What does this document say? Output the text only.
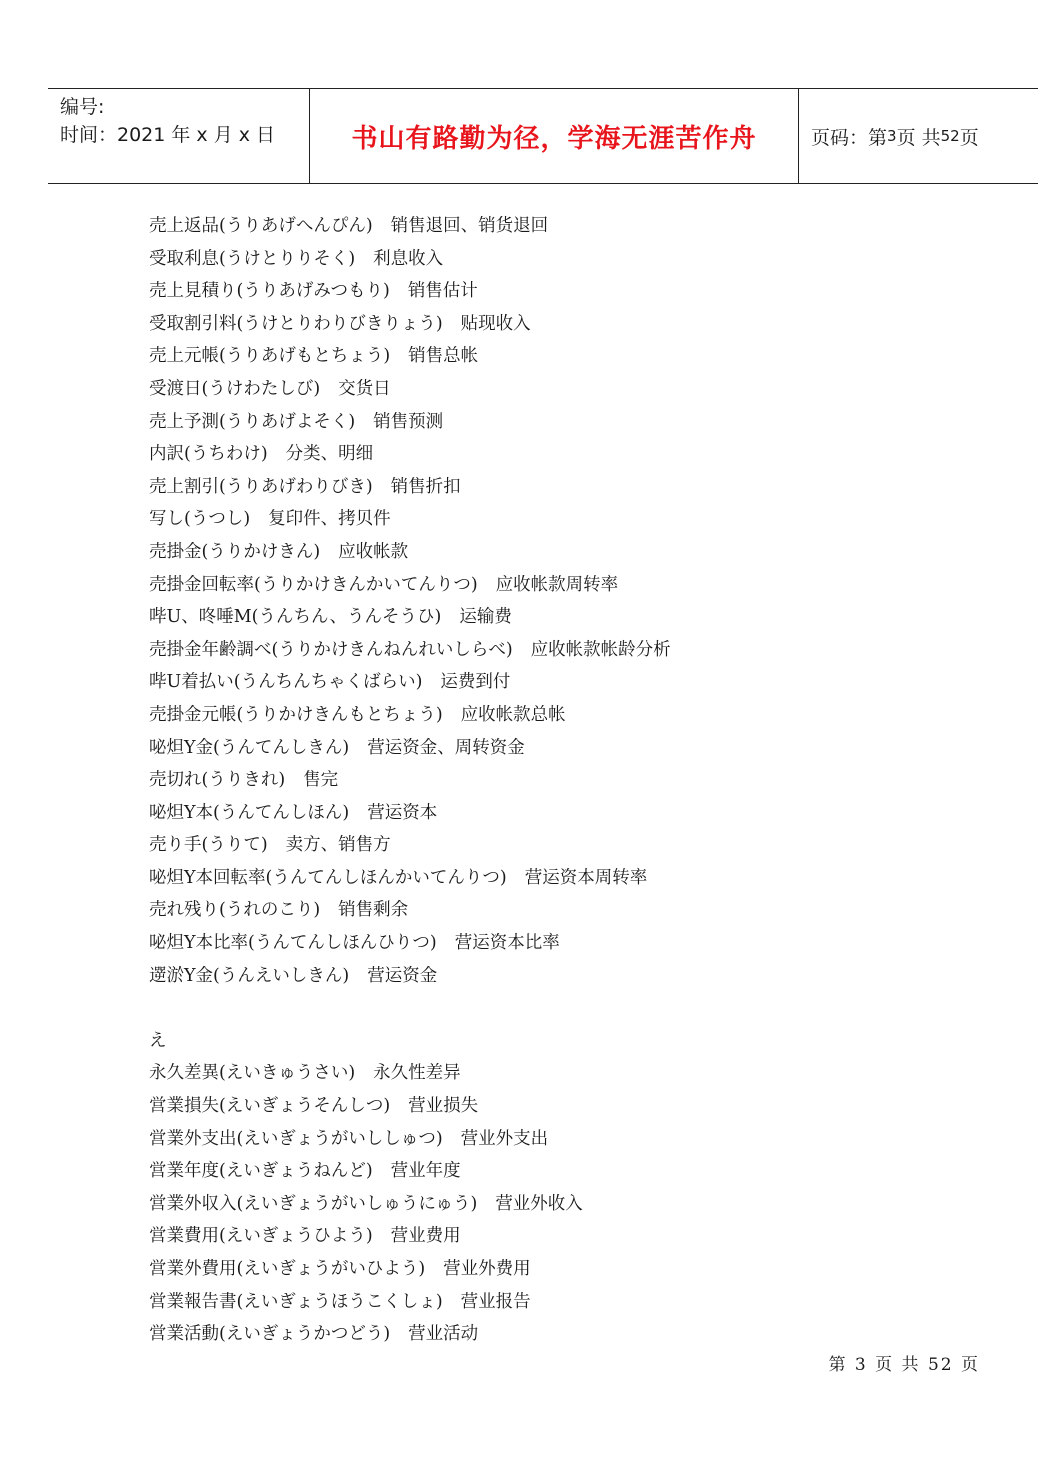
编号:
时间：2021 年 x 月 x 日	书山有路勤为径，学海无涯苦作舟	页码：第 3 页 共 52 页
売上返品(うりあげへんぴん) 销售退回、销货退回
受取利息(うけとりりそく) 利息收入
売上見積り(うりあげみつもり) 销售估计
受取割引料(うけとりわりびきりょう) 贴现收入
売上元帳(うりあげもとちょう) 销售总帐
受渡日(うけわたしび) 交货日
売上予測(うりあげよそく) 销售预测
内訳(うちわけ) 分类、明细
売上割引(うりあげわりびき) 销售折扣
写し(うつし) 复印件、拷贝件
売掛金(うりかけきん) 应收帐款
売掛金回転率(うりかけきんかいてんりつ) 应收帐款周转率
哔U、咚唾M(うんちん、うんそうひ) 运输费
売掛金年齢調べ(うりかけきんねんれいしらべ) 应收帐款帐龄分析
哔U着払い(うんちんちゃくばらい) 运费到付
売掛金元帳(うりかけきんもとちょう) 应收帐款总帐
咇炟Y金(うんてんしきん) 营运资金、周转资金
売切れ(うりきれ) 售完
咇炟Y本(うんてんしほん) 营运资本
売り手(うりて) 卖方、销售方
咇炟Y本回転率(うんてんしほんかいてんりつ) 营运资本周转率
売れ残り(うれのこり) 销售剩余
咇炟Y本比率(うんてんしほんひりつ) 营运资本比率
遻淤Y金(うんえいしきん) 营运资金
え
永久差異(えいきゅうさい) 永久性差异
営業損失(えいぎょうそんしつ) 营业损失
営業外支出(えいぎょうがいししゅつ) 营业外支出
営業年度(えいぎょうねんど) 营业年度
営業外収入(えいぎょうがいしゅうにゅう) 营业外收入
営業費用(えいぎょうひよう) 营业费用
営業外費用(えいぎょうがいひよう) 营业外费用
営業報告書(えいぎょうほうこくしょ) 营业报告
営業活動(えいぎょうかつどう) 营业活动
第 3 页 共 52 页
